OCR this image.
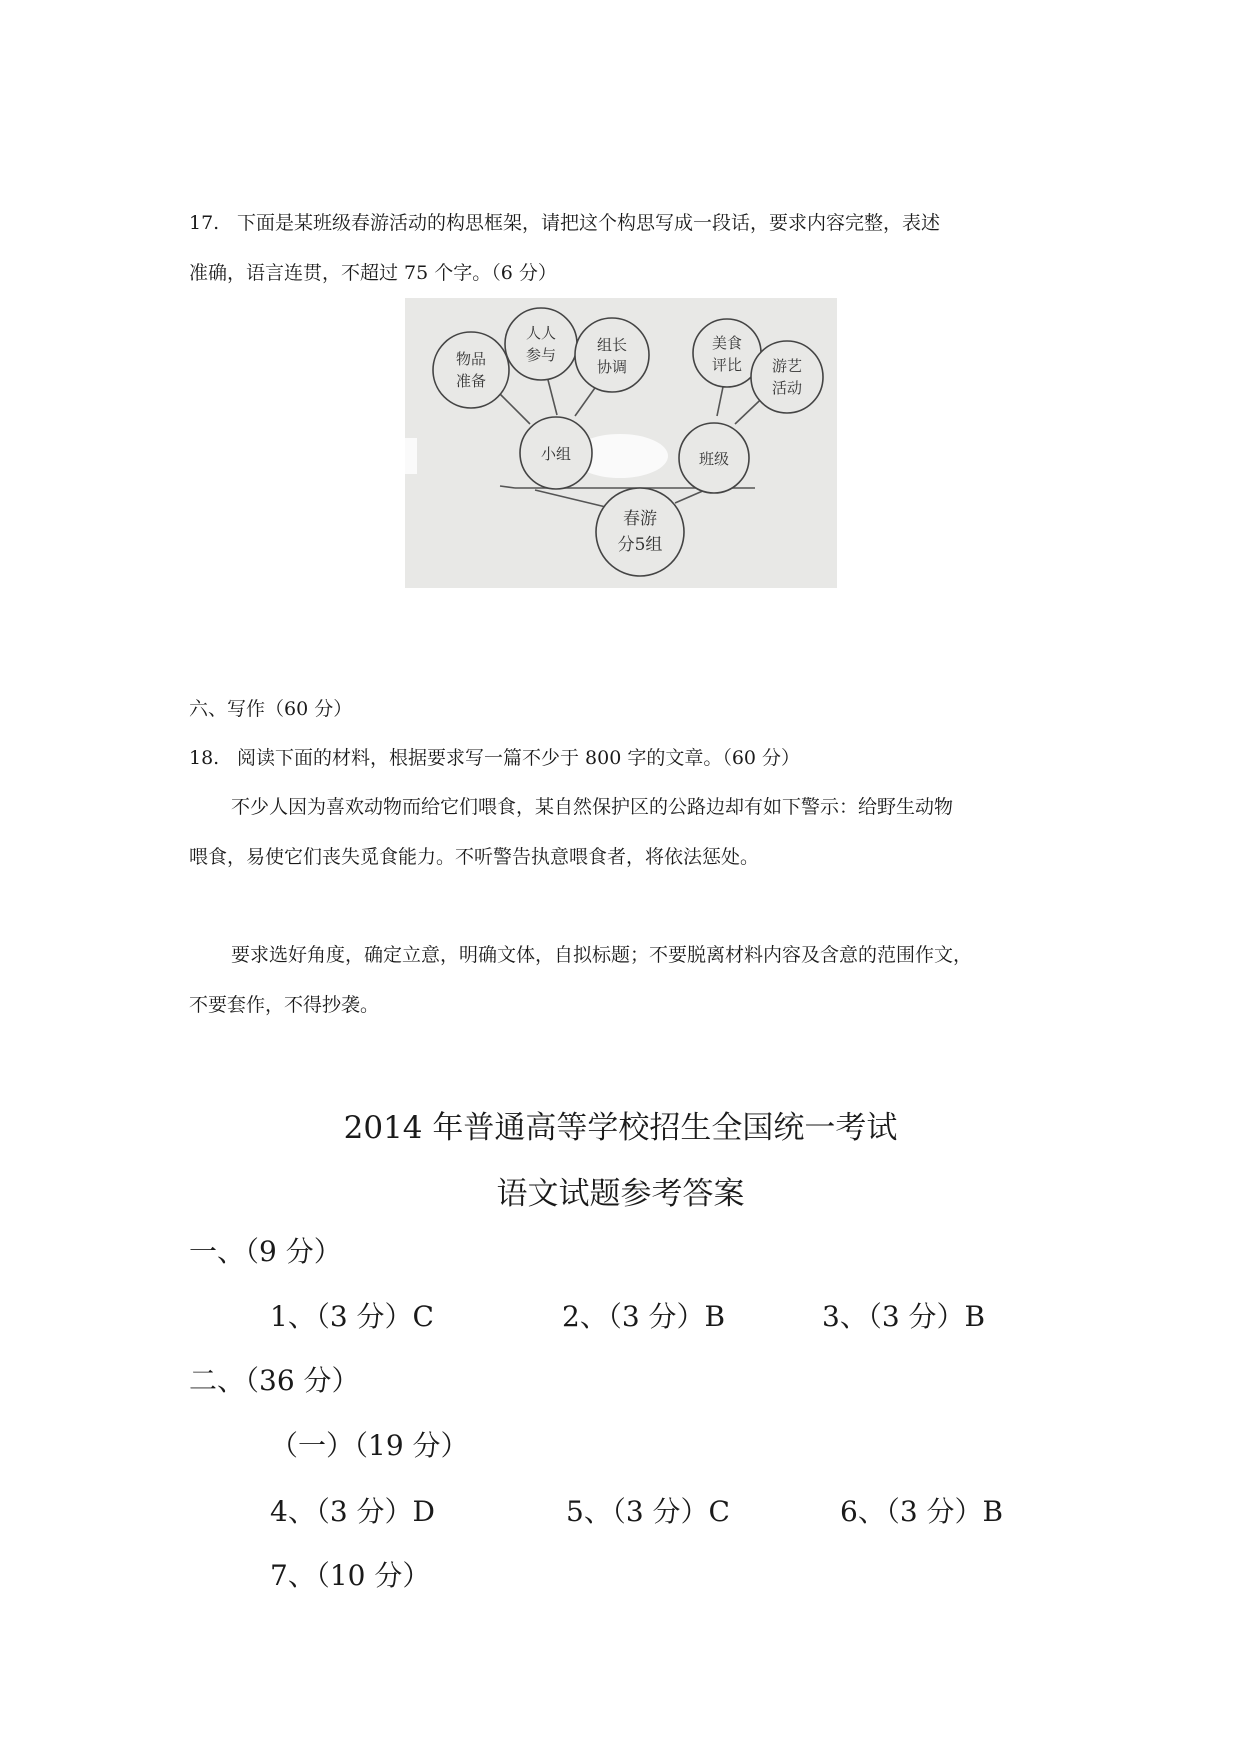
17. 下面是某班级春游活动的构思框架，请把这个构思写成一段话，要求内容完整，表述

准确，语言连贯，不超过 75 个字。（6 分）

物品
准备
人人
参与
组长
协调
美食
评比 游艺
活动
小组	班级
春游
分5组

六、写作（60 分）

18. 阅读下面的材料，根据要求写一篇不少于 800 字的文章。（60 分）

不少人因为喜欢动物而给它们喂食，某自然保护区的公路边却有如下警示：给野生动物

喂食，易使它们丧失觅食能力。不听警告执意喂食者，将依法惩处。

要求选好角度，确定立意，明确文体，自拟标题；不要脱离材料内容及含意的范围作文，

不要套作，不得抄袭。

2014 年普通高等学校招生全国统一考试

语文试题参考答案

一、（9 分）

1、（3 分）C	2、（3 分）B	3、（3 分）B

二、（36 分）

（一）（19 分）

4、（3 分）D	5、（3 分）C	6、（3 分）B

7、（10 分）
